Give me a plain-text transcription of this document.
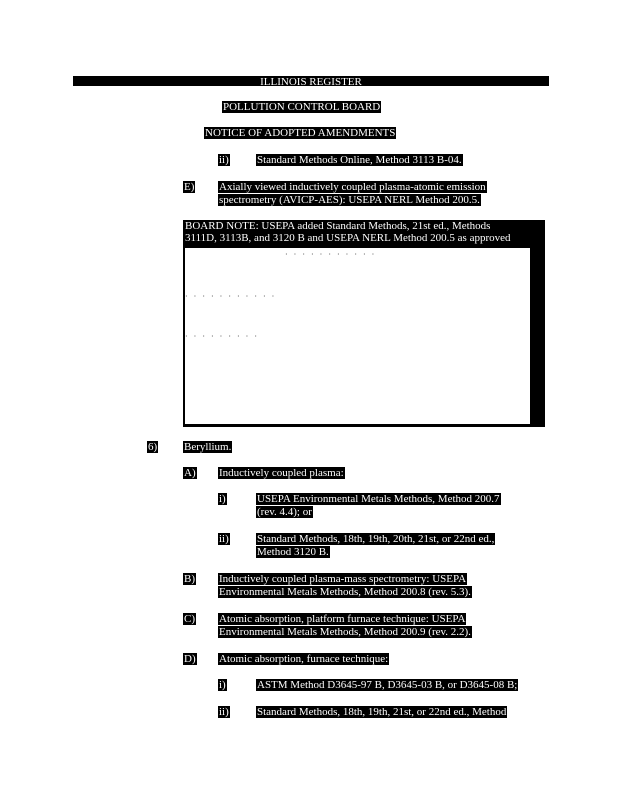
ILLINOIS REGISTER
POLLUTION CONTROL BOARD
NOTICE OF ADOPTED AMENDMENTS
ii)	Standard Methods Online, Method 3113 B-04.
E) Axially viewed inductively coupled plasma-atomic emission
spectrometry (AVICP-AES): USEPA NERL Method 200.5.
BOARD NOTE: USEPA added Standard Methods, 21st ed., Methods
3111D, 3113B, and 3120 B and USEPA NERL Method 200.5 as approved
· · · · · · · · · · ·
· · · · · · · · · · ·
· · · · · · · · ·
6) Beryllium.
A) Inductively coupled plasma:
i)	USEPA Environmental Metals Methods, Method 200.7
(rev. 4.4); or
ii)	Standard Methods, 18th, 19th, 20th, 21st, or 22nd ed.,
Method 3120 B.
B) Inductively coupled plasma-mass spectrometry: USEPA
Environmental Metals Methods, Method 200.8 (rev. 5.3).
C) Atomic absorption, platform furnace technique: USEPA
Environmental Metals Methods, Method 200.9 (rev. 2.2).
D) Atomic absorption, furnace technique:
i)	ASTM Method D3645-97 B, D3645-03 B, or D3645-08 B;
ii)	Standard Methods, 18th, 19th, 21st, or 22nd ed., Method
